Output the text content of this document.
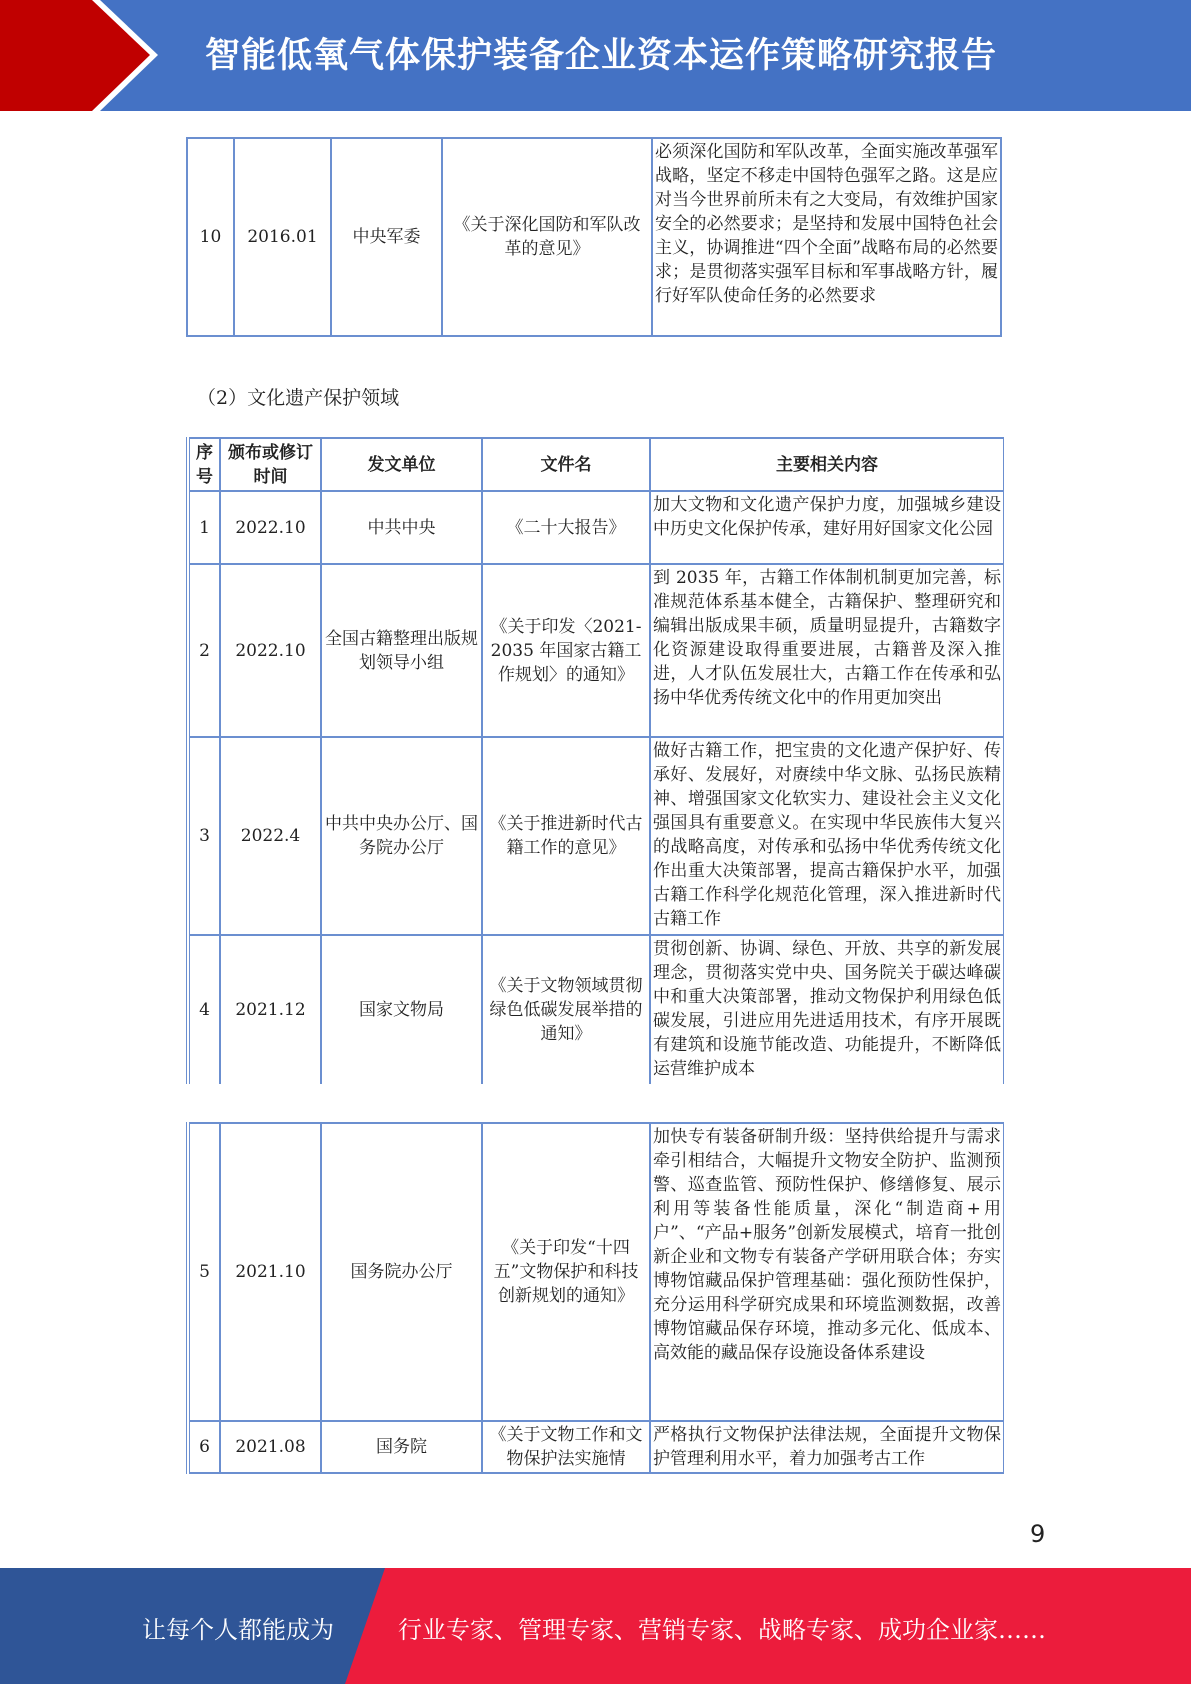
智能低氧气体保护装备企业资本运作策略研究报告
10	2016.01	中央军委	《关于深化国防和军队改革的意见》	必须深化国防和军队改革，全面实施改革强军战略，坚定不移走中国特色强军之路。这是应对当今世界前所未有之大变局，有效维护国家安全的必然要求；是坚持和发展中国特色社会主义，协调推进“四个全面”战略布局的必然要求；是贯彻落实强军目标和军事战略方针，履行好军队使命任务的必然要求
（2）文化遗产保护领域
序号	颁布或修订时间	发文单位	文件名	主要相关内容
1	2022.10	中共中央	《二十大报告》	加大文物和文化遗产保护力度，加强城乡建设中历史文化保护传承，建好用好国家文化公园
2	2022.10	全国古籍整理出版规划领导小组	《关于印发〈2021-2035 年国家古籍工作规划〉的通知》	到 2035 年，古籍工作体制机制更加完善，标准规范体系基本健全，古籍保护、整理研究和编辑出版成果丰硕，质量明显提升，古籍数字化资源建设取得重要进展，古籍普及深入推进，人才队伍发展壮大，古籍工作在传承和弘扬中华优秀传统文化中的作用更加突出
3	2022.4	中共中央办公厅、国务院办公厅	《关于推进新时代古籍工作的意见》	做好古籍工作，把宝贵的文化遗产保护好、传承好、发展好，对赓续中华文脉、弘扬民族精神、增强国家文化软实力、建设社会主义文化强国具有重要意义。在实现中华民族伟大复兴的战略高度，对传承和弘扬中华优秀传统文化作出重大决策部署，提高古籍保护水平，加强古籍工作科学化规范化管理，深入推进新时代古籍工作
4	2021.12	国家文物局	《关于文物领域贯彻绿色低碳发展举措的通知》	贯彻创新、协调、绿色、开放、共享的新发展理念，贯彻落实党中央、国务院关于碳达峰碳中和重大决策部署，推动文物保护利用绿色低碳发展，引进应用先进适用技术，有序开展既有建筑和设施节能改造、功能提升，不断降低运营维护成本
5	2021.10	国务院办公厅	《关于印发“十四五”文物保护和科技创新规划的通知》	加快专有装备研制升级：坚持供给提升与需求牵引相结合，大幅提升文物安全防护、监测预警、巡查监管、预防性保护、修缮修复、展示利用等装备性能质量，深化“制造商+用户”、“产品+服务”创新发展模式，培育一批创新企业和文物专有装备产学研用联合体；夯实博物馆藏品保护管理基础：强化预防性保护，充分运用科学研究成果和环境监测数据，改善博物馆藏品保存环境，推动多元化、低成本、高效能的藏品保存设施设备体系建设
6	2021.08	国务院	《关于文物工作和文物保护法实施情	严格执行文物保护法律法规，全面提升文物保护管理利用水平，着力加强考古工作
9
让每个人都能成为	行业专家、管理专家、营销专家、战略专家、成功企业家……
